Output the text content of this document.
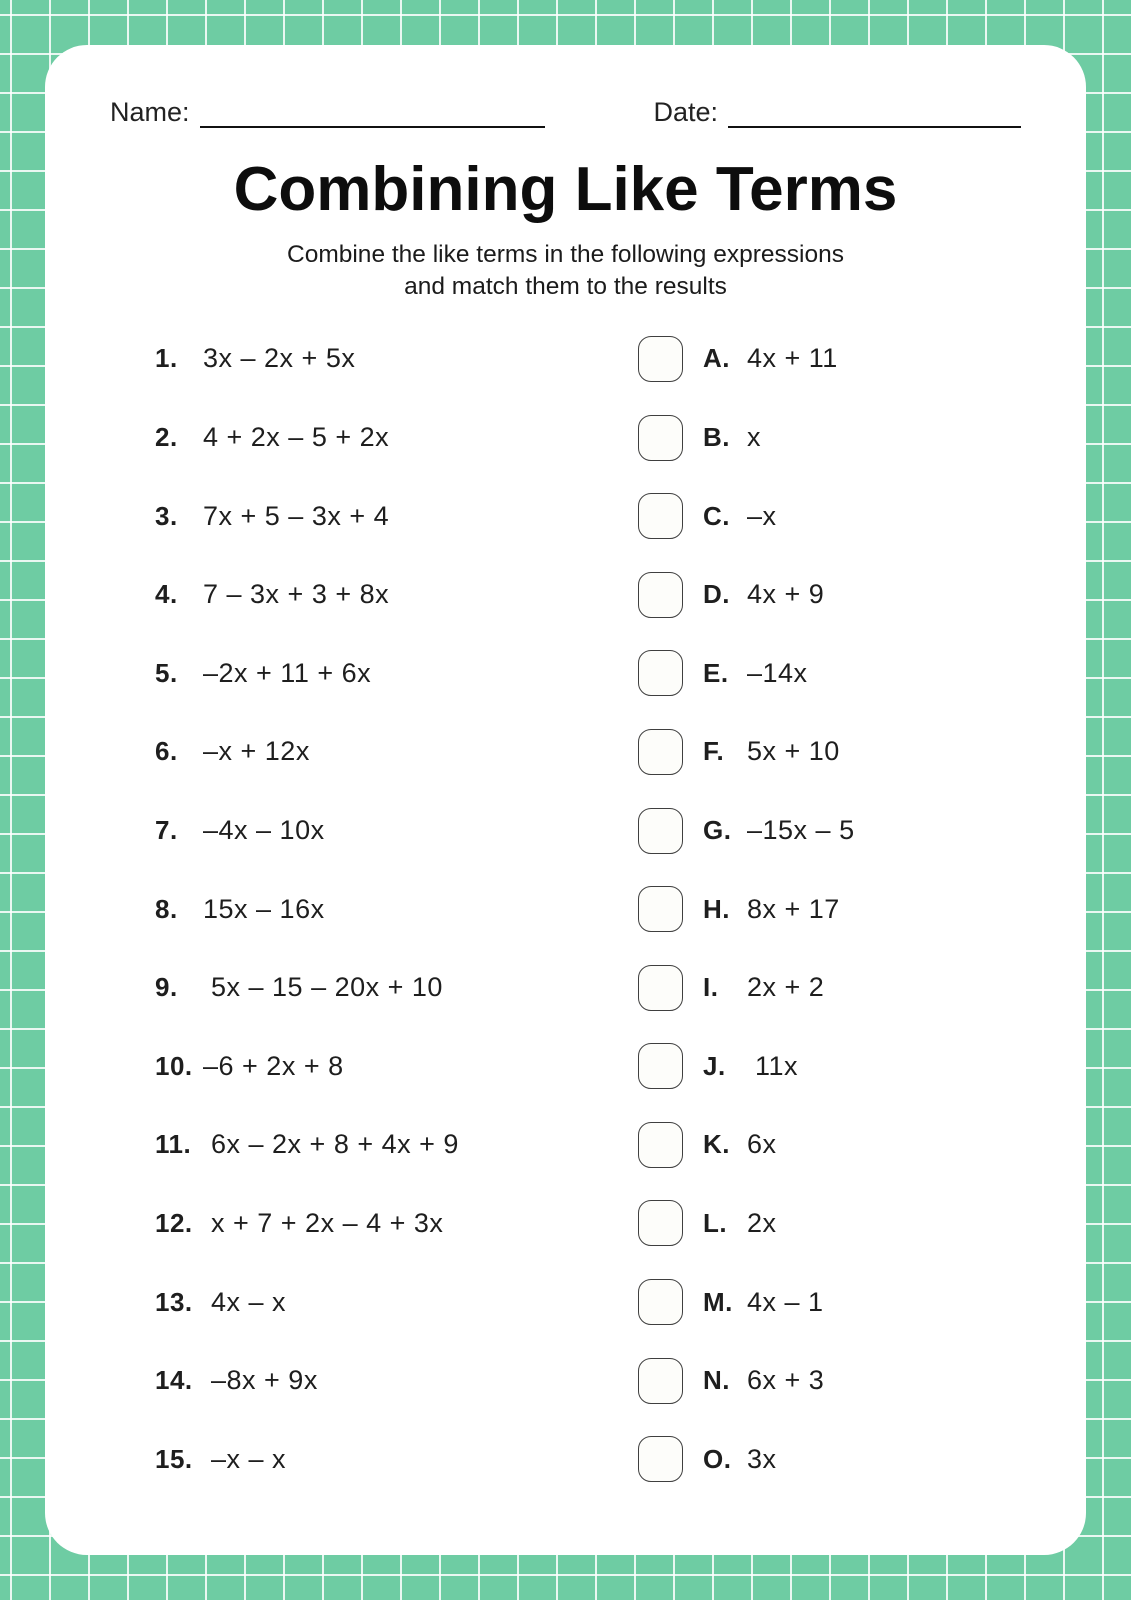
Name:	Date:
Combining Like Terms

Combine the like terms in the following expressions
and match them to the results

1. 3x – 2x + 5x	A. 4x + 11
2. 4 + 2x – 5 + 2x	B. x
3. 7x + 5 – 3x + 4	C. –x
4. 7 – 3x + 3 + 8x	D. 4x + 9
5. –2x + 11 + 6x	E. –14x
6. –x + 12x	F. 5x + 10
7. –4x – 10x	G. –15x – 5
8. 15x – 16x	H. 8x + 17
9. 5x – 15 – 20x + 10	I.	2x + 2
10. –6 + 2x + 8	J. 11x
11. 6x – 2x + 8 + 4x + 9	K. 6x
12. x + 7 + 2x – 4 + 3x	L. 2x
13. 4x – x	M. 4x – 1
14. –8x + 9x	N. 6x + 3
15. –x – x	O. 3x
